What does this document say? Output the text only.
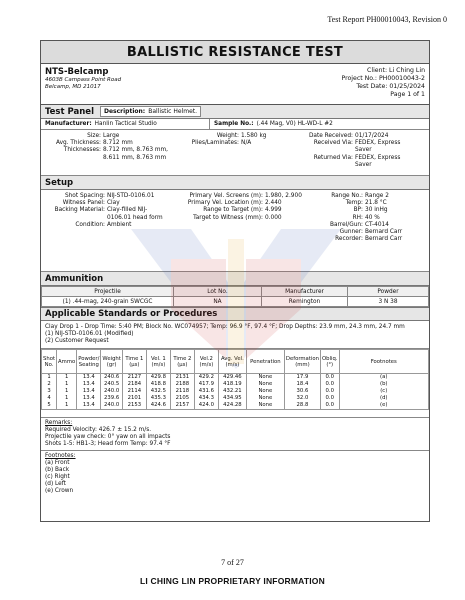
Test Report PH00010043, Revision 0
BALLISTIC RESISTANCE TEST
NTS-Belcamp
4603B Campass Point Road
Belcamp, MD 21017
Client: Li Ching Lin
Project No.: PH00010043-2
Test Date: 01/25/2024
Page 1 of 1
Test Panel	Description: Ballistic Helmet.
Manufacturer: Hanlin Tactical Studio	Sample No.: (.44 Mag, V0) HL-WD-L #2
Size: Large
Avg. Thickness: 8.712 mm
Thicknesses: 8.712 mm, 8.763 mm,
8.611 mm, 8.763 mm
Weight: 1.580 kg
Plies/Laminates: N/A
Date Received: 01/17/2024
Received Via: FEDEX, Express
Saver
Returned Via: FEDEX, Express
Saver
Setup
Shot Spacing: NIJ-STD-0106.01
Witness Panel: Clay
Backing Material: Clay-filled NIJ-
0106.01 head form
Condition: Ambient
Primary Vel. Screens (m): 1.980, 2.900
Primary Vel. Location (m): 2.440
Range to Target (m): 4.999
Target to Witness (mm): 0.000
Range No.: Range 2
Temp: 21.8 °C
BP: 30 inHg
RH: 40 %
Barrel/Gun: CT-4014
Gunner: Bernard Carr
Recorder: Bernard Carr
Ammunition
Projectile	Lot No.	Manufacturer	Powder
(1) .44-mag, 240-grain SWCGC	NA	Remington	3 N 38
Applicable Standards or Procedures
Clay Drop 1 - Drop Time: 5:40 PM; Block No. WC074957; Temp: 96.9 °F, 97.4 °F; Drop Depths: 23.9 mm, 24.3 mm, 24.7 mm
(1) NIJ-STD-0106.01 (Modified)
(2) Customer Request
Shot No.	Ammo	Powder/ Seating	Weight (gr)	Time 1 (µs)	Vel. 1 (m/s)	Time 2 (µs)	Vel.2 (m/s)	Avg. Vel. (m/s)	Penetration	Deformation (mm)	Obliq. (°)	Footnotes
1	1	13.4	240.6	2127	429.8	2131	429.2	429.46	None	17.9	0.0	(a)
2	1	13.4	240.5	2184	418.8	2188	417.9	418.19	None	18.4	0.0	(b)
3	1	13.4	240.0	2114	432.5	2118	431.6	432.21	None	30.6	0.0	(c)
4	1	13.4	239.6	2101	435.3	2105	434.3	434.95	None	32.0	0.0	(d)
5	1	13.4	240.0	2153	424.6	2157	424.0	424.28	None	28.8	0.0	(e)
Remarks:
Required Velocity: 426.7 ± 15.2 m/s.
Projectile yaw check: 0° yaw on all impacts
Shots 1-5: HB1-3; Head form Temp: 97.4 °F
Footnotes:
(a) Front
(b) Back
(c) Right
(d) Left
(e) Crown
7 of 27
LI CHING LIN PROPRIETARY INFORMATION
